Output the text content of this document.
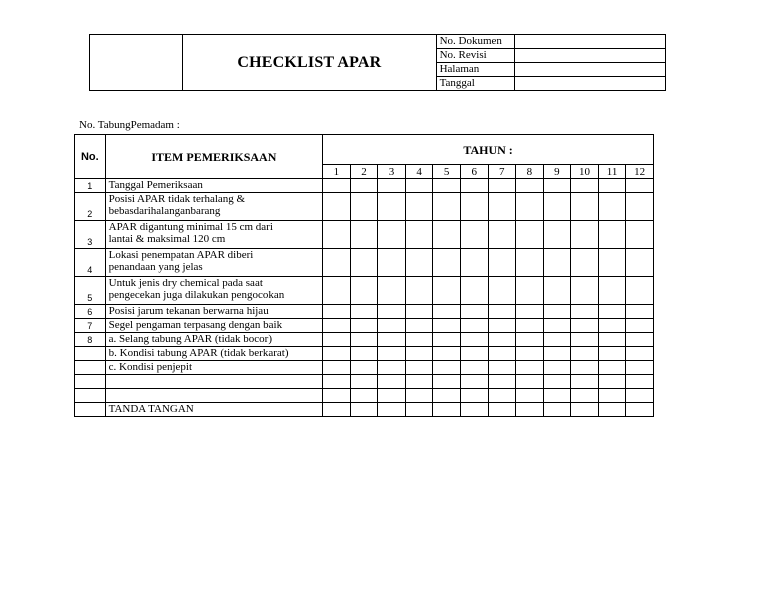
	CHECKLIST APAR	No. Dokumen	
		No. Revisi	
		Halaman	
		Tanggal	
No. TabungPemadam :
No.	ITEM PEMERIKSAAN	TAHUN :											
		1	2	3	4	5	6	7	8	9	10	11	12
1	Tanggal Pemeriksaan												

2	Posisi APAR tidak terhalang &
bebasdarihalanganbarang												

3	APAR digantung minimal 15 cm dari
lantai & maksimal 120 cm												

4	Lokasi penempatan APAR diberi
penandaan yang jelas												

5	Untuk jenis dry chemical pada saat
pengecekan juga dilakukan pengocokan												

6	Posisi jarum tekanan berwarna hijau												

7	Segel pengaman terpasang dengan baik												

8	a. Selang tabung APAR (tidak bocor)												

	b. Kondisi tabung APAR (tidak berkarat)												

	c. Kondisi penjepit												

	TANDA TANGAN												
